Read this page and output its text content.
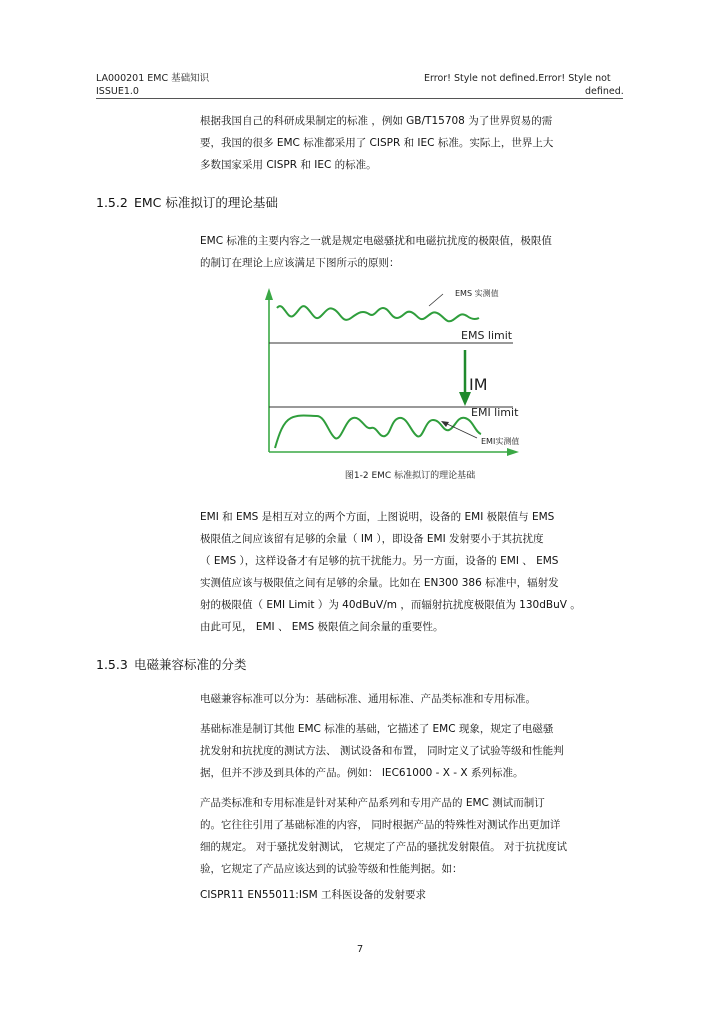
LA000201 EMC 基础知识
ISSUE1.0
Error! Style not defined.Error! Style not
defined.
根据我国自己的科研成果制定的标准 ，例如 GB/T15708 为了世界贸易的需
要，我国的很多 EMC 标准都采用了 CISPR 和 IEC 标准。实际上，世界上大
多数国家采用 CISPR 和 IEC 的标准。
1.5.2 EMC 标准拟订的理论基础
EMC 标准的主要内容之一就是规定电磁骚扰和电磁抗扰度的极限值，极限值
的制订在理论上应该满足下图所示的原则：
EMS 实测值
EMS limit
IM
EMI limit
EMI实测值
图1-2 EMC 标准拟订的理论基础
EMI 和 EMS 是相互对立的两个方面，上图说明，设备的 EMI 极限值与 EMS
极限值之间应该留有足够的余量（ IM ），即设备 EMI 发射要小于其抗扰度
（ EMS ），这样设备才有足够的抗干扰能力。另一方面，设备的 EMI 、 EMS
实测值应该与极限值之间有足够的余量。比如在 EN300 386 标准中，辐射发
射的极限值（ EMI Limit ）为 40dBuV/m ，而辐射抗扰度极限值为 130dBuV 。
由此可见， EMI 、 EMS 极限值之间余量的重要性。
1.5.3 电磁兼容标准的分类
电磁兼容标准可以分为：基础标准、通用标准、产品类标准和专用标准。
基础标准是制订其他 EMC 标准的基础，它描述了 EMC 现象，规定了电磁骚
扰发射和抗扰度的测试方法、 测试设备和布置， 同时定义了试验等级和性能判
据，但并不涉及到具体的产品。例如： IEC61000 - X - X 系列标准。
产品类标准和专用标准是针对某种产品系列和专用产品的 EMC 测试而制订
的。它往往引用了基础标准的内容， 同时根据产品的特殊性对测试作出更加详
细的规定。 对于骚扰发射测试， 它规定了产品的骚扰发射限值。 对于抗扰度试
验，它规定了产品应该达到的试验等级和性能判据。如：
CISPR11 EN55011:ISM 工科医设备的发射要求
7
